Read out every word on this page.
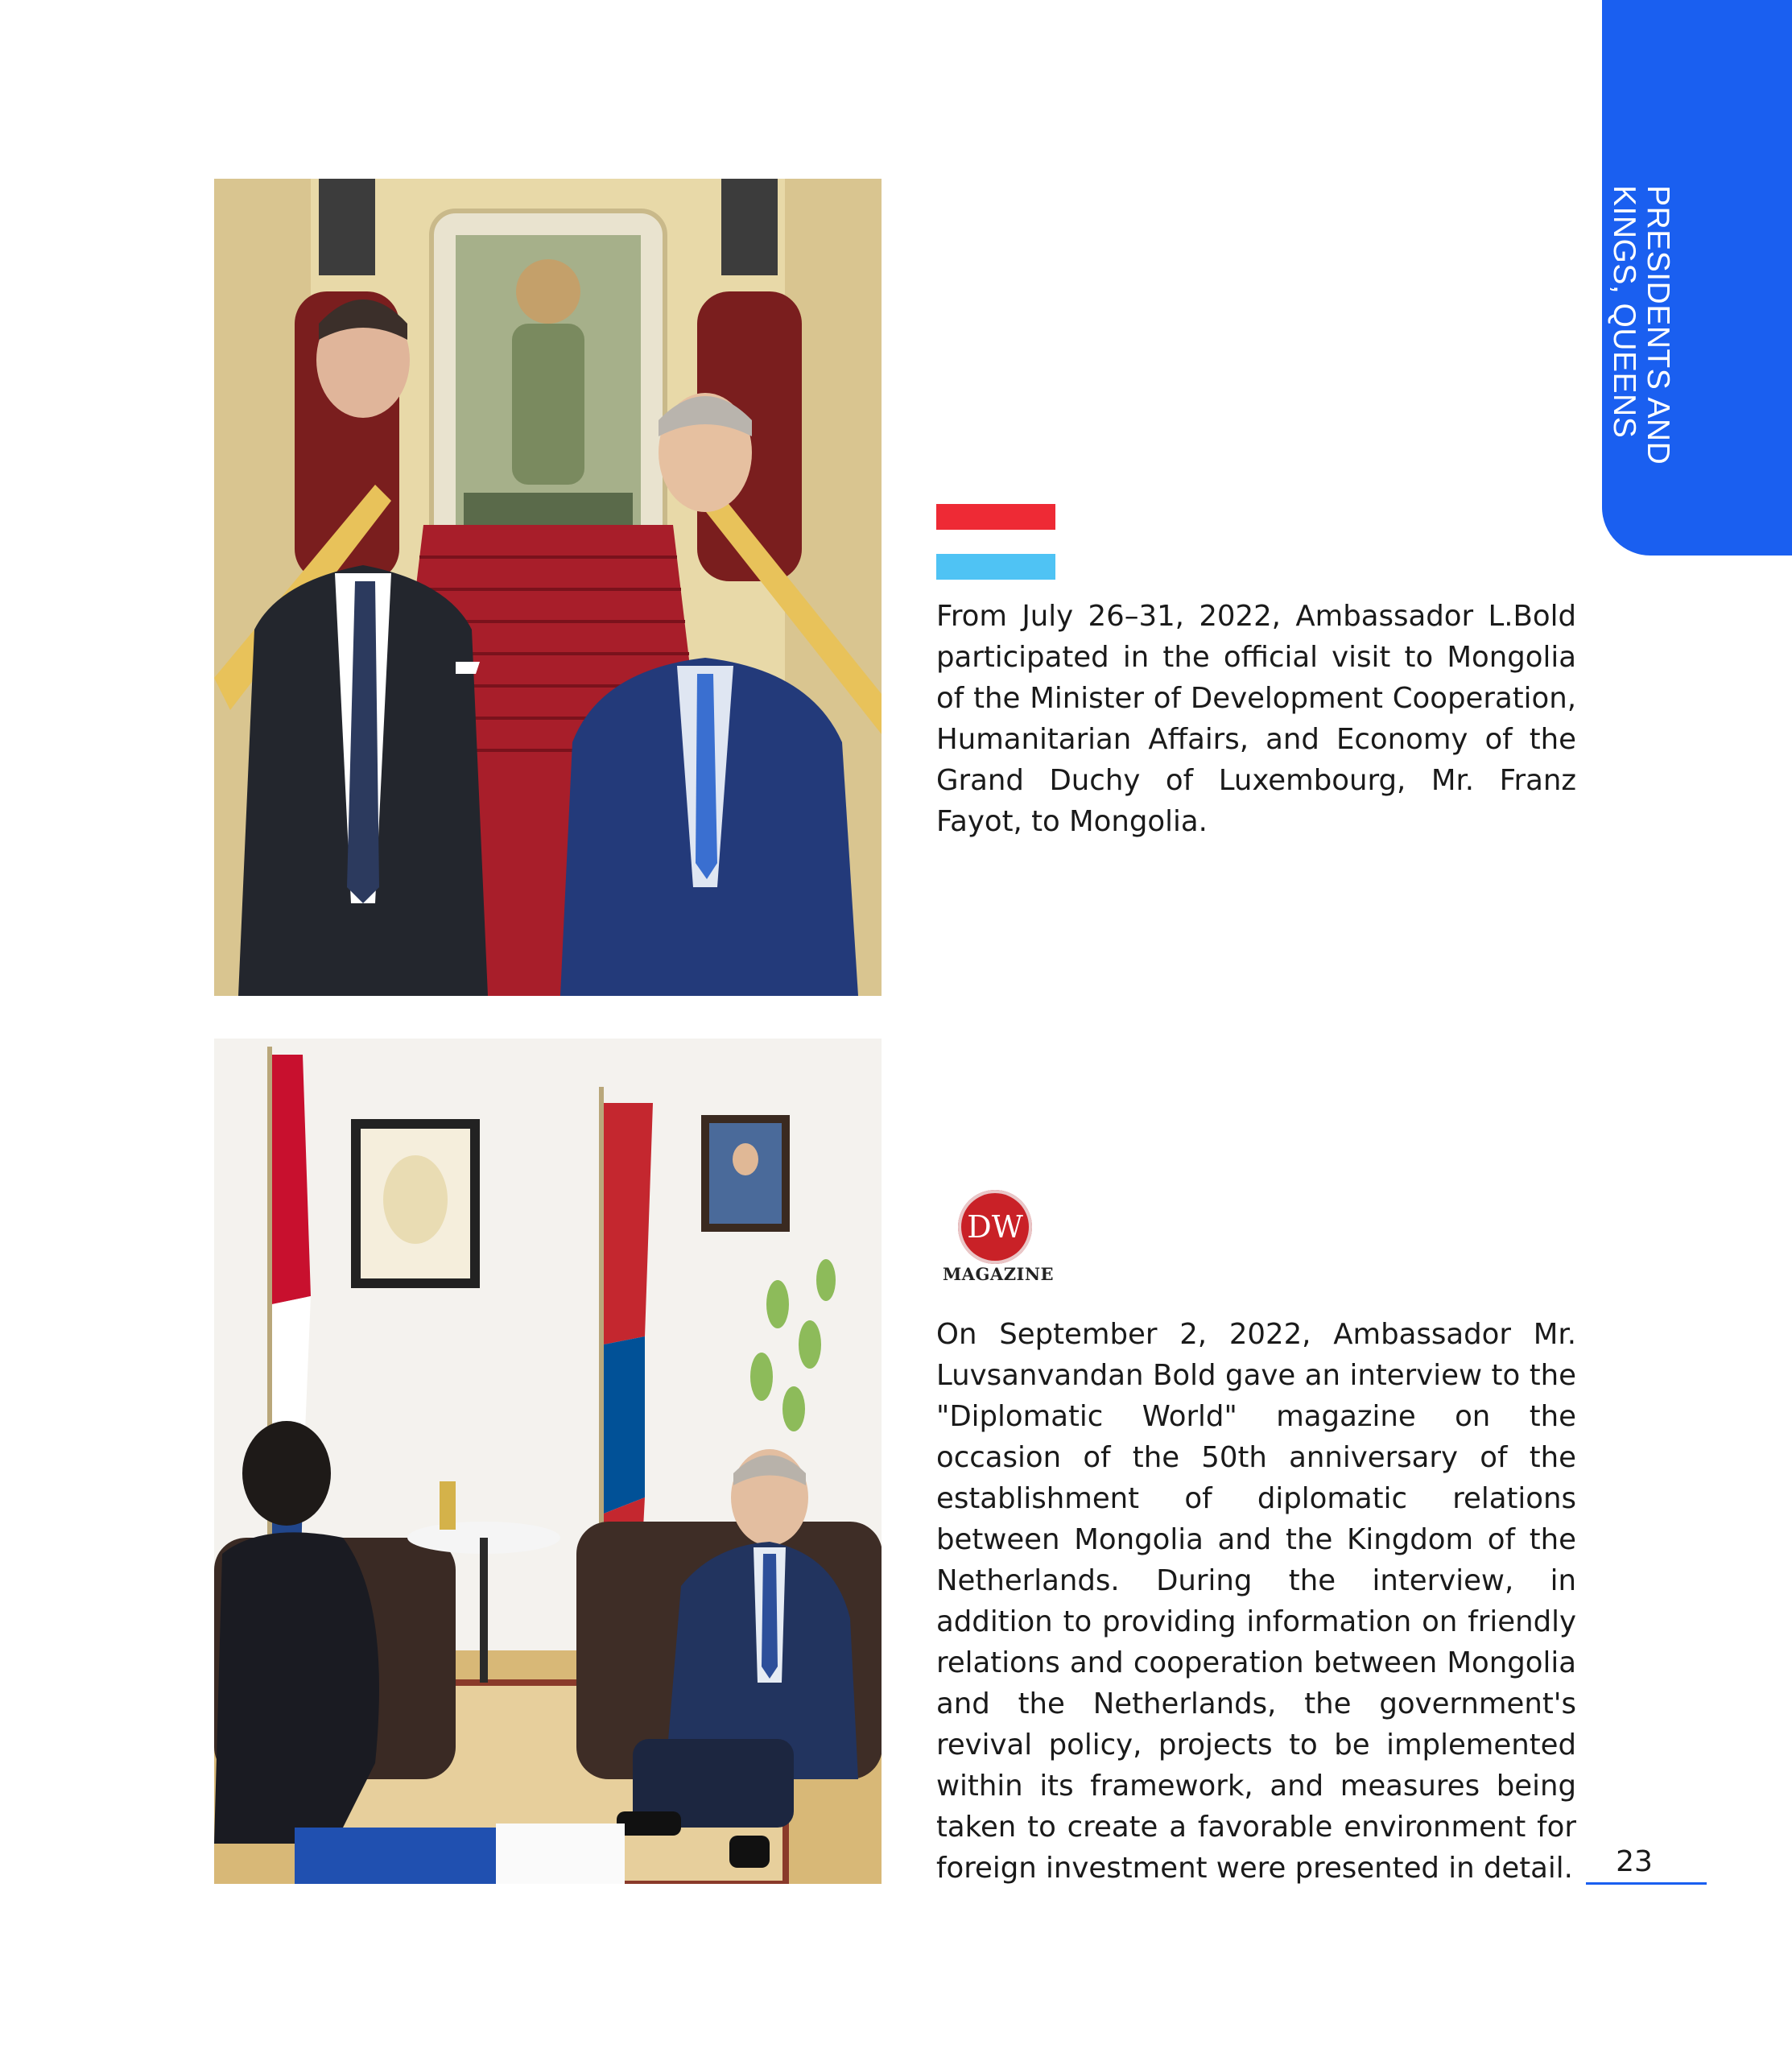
PRESIDENTS AND
KINGS, QUEENS

From July 26–31, 2022, Ambassador L.Bold participated in the official visit to Mongolia of the Minister of Development Cooperation, Humanitarian Affairs, and Economy of the Grand Duchy of Luxembourg, Mr. Franz Fayot, to Mongolia.

DW
MAGAZINE

On September 2, 2022, Ambassador Mr. Luvsanvandan Bold gave an interview to the "Diplomatic World" magazine on the occasion of the 50th anniversary of the establishment of diplomatic relations between Mongolia and the Kingdom of the Netherlands. During the interview, in addition to providing information on friendly relations and cooperation between Mongolia and the Netherlands, the government's revival policy, projects to be implemented within its framework, and measures being taken to create a favorable environment for foreign investment were presented in detail.	23
